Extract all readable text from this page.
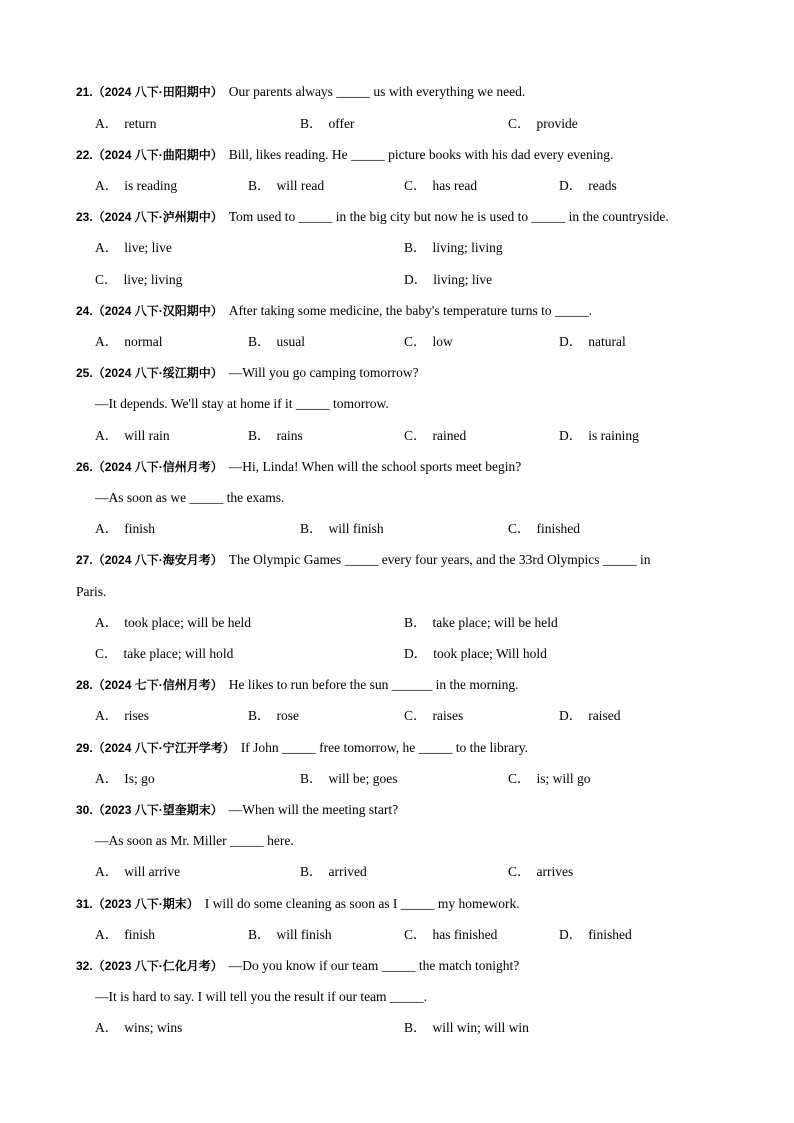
21.（2024 八下·田阳期中） Our parents always _____ us with everything we need.
A． return	B． offer	C． provide
22.（2024 八下·曲阳期中） Bill, likes reading. He _____ picture books with his dad every evening.
A． is reading	B． will read	C． has read	D． reads
23.（2024 八下·泸州期中） Tom used to _____ in the big city but now he is used to _____ in the countryside.
A． live; live	B． living; living
C． live; living	D． living; live
24.（2024 八下·汉阳期中） After taking some medicine, the baby's temperature turns to _____.
A． normal	B． usual	C． low	D． natural
25.（2024 八下·绥江期中） —Will you go camping tomorrow?
—It depends. We'll stay at home if it _____ tomorrow.
A． will rain	B． rains	C． rained	D． is raining
26.（2024 八下·信州月考） —Hi, Linda! When will the school sports meet begin?
—As soon as we _____ the exams.
A． finish	B． will finish	C． finished
27.（2024 八下·海安月考） The Olympic Games _____ every four years, and the 33rd Olympics _____ in
Paris.
A． took place; will be held	B． take place; will be held
C． take place; will hold	D． took place; Will hold
28.（2024 七下·信州月考） He likes to run before the sun ______ in the morning.
A． rises	B． rose	C． raises	D． raised
29.（2024 八下·宁江开学考） If John _____ free tomorrow, he _____ to the library.
A． Is; go	B． will be; goes	C． is; will go
30.（2023 八下·望奎期末） —When will the meeting start?
—As soon as Mr. Miller _____ here.
A． will arrive	B． arrived	C． arrives
31.（2023 八下·期末） I will do some cleaning as soon as I _____ my homework.
A． finish	B． will finish	C． has finished	D． finished
32.（2023 八下·仁化月考） —Do you know if our team _____ the match tonight?
—It is hard to say. I will tell you the result if our team _____.
A． wins; wins	B． will win; will win
